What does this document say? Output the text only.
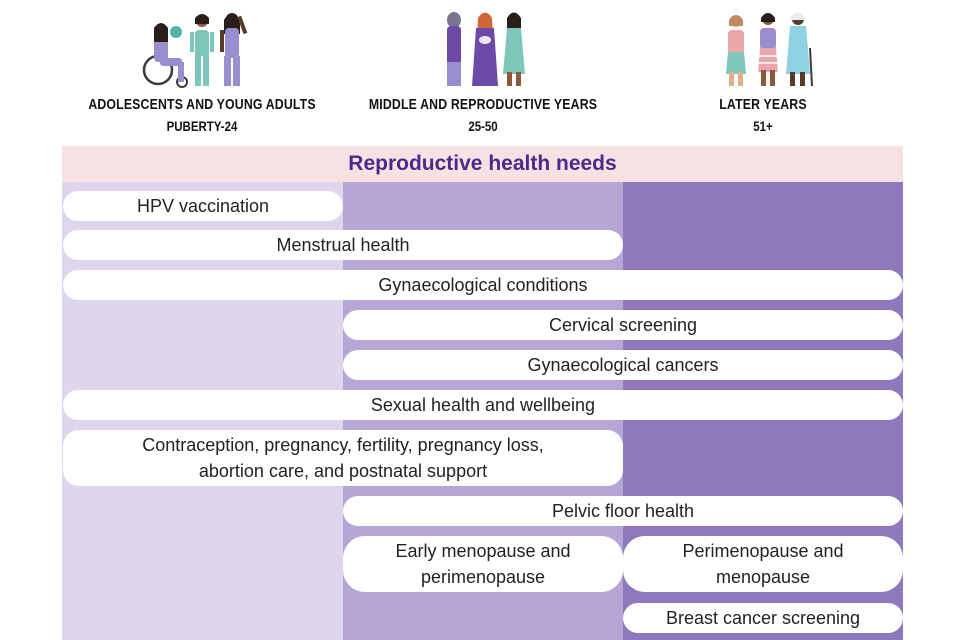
Reproductive health needs
ADOLESCENTS AND YOUNG ADULTS
PUBERTY-24
MIDDLE AND REPRODUCTIVE YEARS
25-50
LATER YEARS
51+
HPV vaccination
Menstrual health
Gynaecological conditions
Cervical screening
Gynaecological cancers
Sexual health and wellbeing
Contraception, pregnancy, fertility, pregnancy loss,
abortion care, and postnatal support
Pelvic floor health
Early menopause and
perimenopause
Perimenopause and
menopause
Breast cancer screening
